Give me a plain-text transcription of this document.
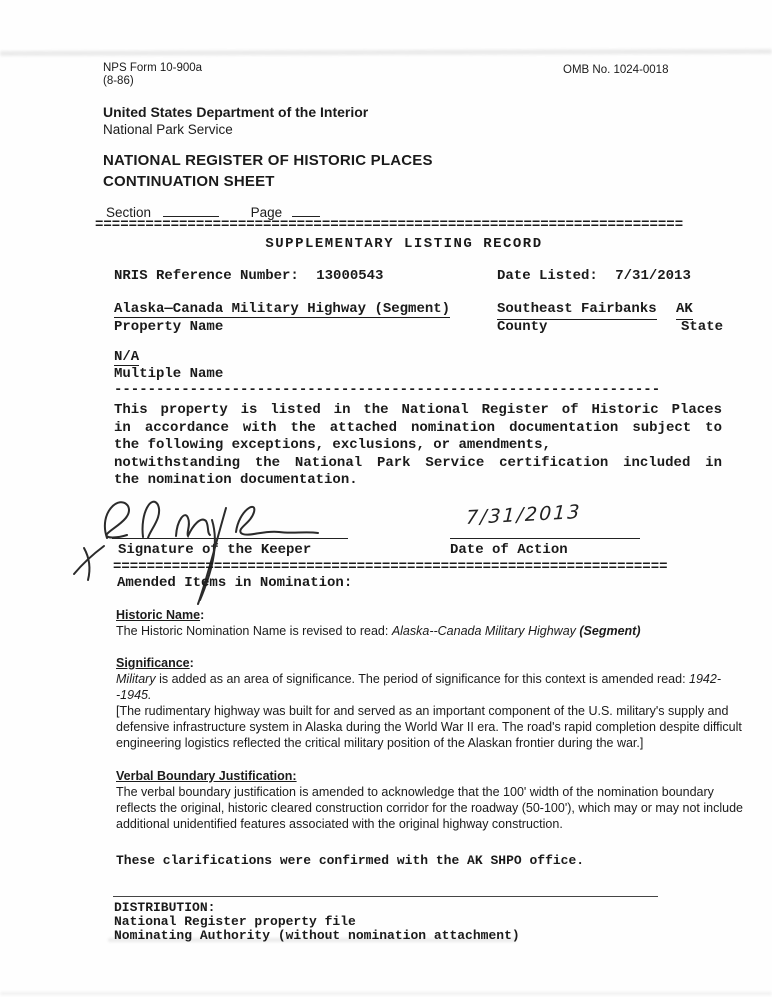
NPS Form 10-900a
(8-86)
OMB No. 1024-0018
United States Department of the Interior
National Park Service
NATIONAL REGISTER OF HISTORIC PLACES
CONTINUATION SHEET
Section	Page
======================================================================
SUPPLEMENTARY LISTING RECORD
NRIS Reference Number: 13000543	Date Listed: 7/31/2013
Alaska—Canada Military Highway (Segment)	Southeast Fairbanks AK
Property Name	County	State
N/A
Multiple Name
-----------------------------------------------------------------
This property is listed in the National Register of Historic Places
in accordance with the attached nomination documentation subject to
the following exceptions, exclusions, or amendments,
notwithstanding the National Park Service certification included in
the nomination documentation.
Signature of the Keeper
7/31/2013
Date of Action
==================================================================
Amended Items in Nomination:
Historic Name:
The Historic Nomination Name is revised to read: Alaska--Canada Military Highway (Segment)
Significance:
Military is added as an area of significance. The period of significance for this context is amended read: 1942--1945.
[The rudimentary highway was built for and served as an important component of the U.S. military's supply and defensive infrastructure system in Alaska during the World War II era. The road's rapid completion despite difficult engineering logistics reflected the critical military position of the Alaskan frontier during the war.]
Verbal Boundary Justification:
The verbal boundary justification is amended to acknowledge that the 100' width of the nomination boundary reflects the original, historic cleared construction corridor for the roadway (50-100'), which may or may not include additional unidentified features associated with the original highway construction.
These clarifications were confirmed with the AK SHPO office.
DISTRIBUTION:
National Register property file
Nominating Authority (without nomination attachment)
